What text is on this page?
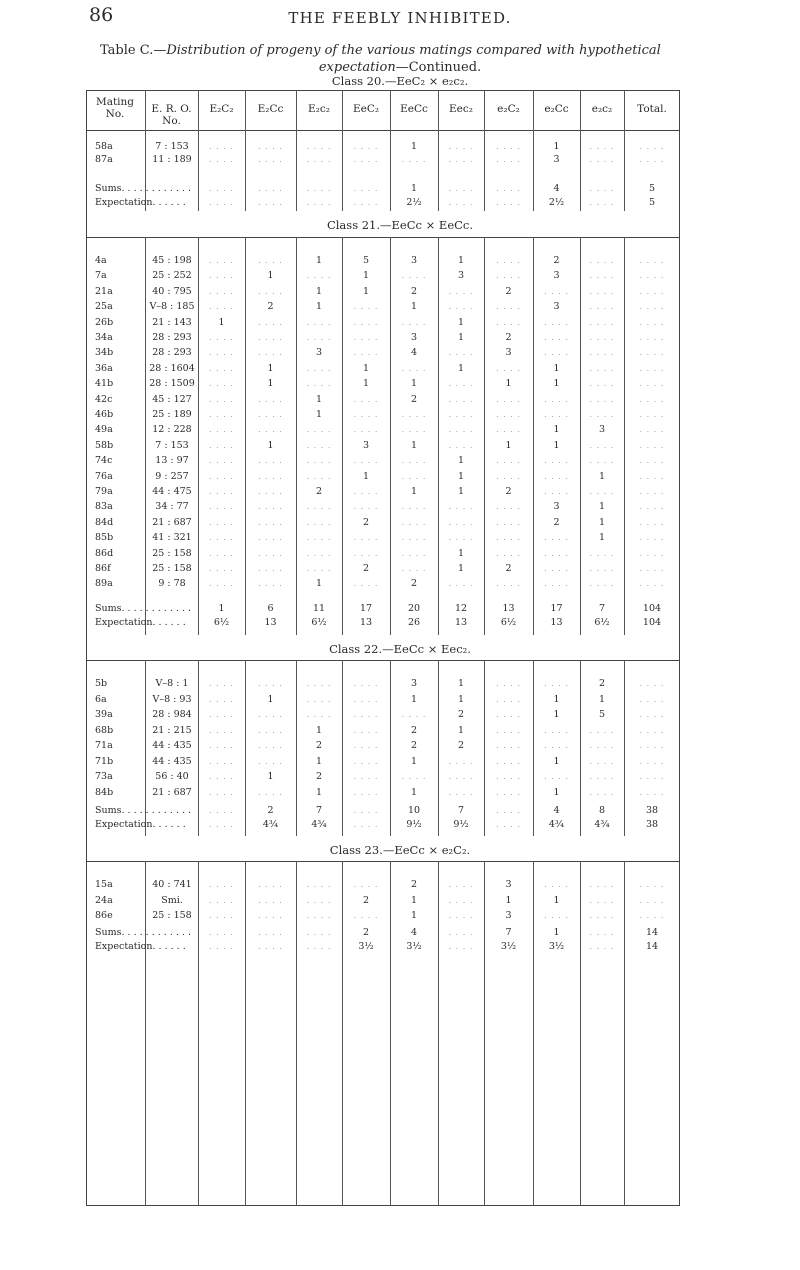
86	THE FEEBLY INHIBITED.
Table C.—Distribution of progeny of the various matings compared with hypothetical
expectation—Continued.
Mating No.	E. R. O. No.
E₂C₂	E₂Cc	E₂c₂	EeC₂	EeCc	Eec₂	e₂C₂	e₂Cc	e₂c₂	Total.
Class 20.—EeC₂ × e₂c₂.
58a	7 : 153	. . . .	. . . .	. . . .	. . . .	1	. . . .	. . . .	1	. . . .	. . . .
87a	11 : 189	. . . .	. . . .	. . . .	. . . .	. . . .	. . . .	. . . .	3	. . . .	. . . .
Sums. . . . . . . . . . . .	. . . .	. . . .	. . . .	. . . .	1	. . . .	. . . .	4	. . . .	5
Expectation. . . . . .	. . . .	. . . .	. . . .	. . . .	2½	. . . .	. . . .	2½	. . . .	5
Class 21.—EeCc × EeCc.
4a	45 : 198	. . . .	. . . .	1	5	3	1	. . . .	2	. . . .	. . . .
7a	25 : 252	. . . .	1	. . . .	1	. . . .	3	. . . .	3	. . . .	. . . .
21a	40 : 795	. . . .	. . . .	1	1	2	. . . .	2	. . . .	. . . .	. . . .
25a	V–8 : 185	. . . .	2	1	. . . .	1	. . . .	. . . .	3	. . . .	. . . .
26b	21 : 143	1	. . . .	. . . .	. . . .	. . . .	1	. . . .	. . . .	. . . .	. . . .
34a	28 : 293	. . . .	. . . .	. . . .	. . . .	3	1	2	. . . .	. . . .	. . . .
34b	28 : 293	. . . .	. . . .	3	. . . .	4	. . . .	3	. . . .	. . . .	. . . .
36a	28 : 1604	. . . .	1	. . . .	1	. . . .	1	. . . .	1	. . . .	. . . .
41b	28 : 1509	. . . .	1	. . . .	1	1	. . . .	1	1	. . . .	. . . .
42c	45 : 127	. . . .	. . . .	1	. . . .	2	. . . .	. . . .	. . . .	. . . .	. . . .
46b	25 : 189	. . . .	. . . .	1	. . . .	. . . .	. . . .	. . . .	. . . .	. . . .	. . . .
49a	12 : 228	. . . .	. . . .	. . . .	. . . .	. . . .	. . . .	. . . .	1	3	. . . .
58b	7 : 153	. . . .	1	. . . .	3	1	. . . .	1	1	. . . .	. . . .
74c	13 : 97	. . . .	. . . .	. . . .	. . . .	. . . .	1	. . . .	. . . .	. . . .	. . . .
76a	9 : 257	. . . .	. . . .	. . . .	1	. . . .	1	. . . .	. . . .	1	. . . .
79a	44 : 475	. . . .	. . . .	2	. . . .	1	1	2	. . . .	. . . .	. . . .
83a	34 : 77	. . . .	. . . .	. . . .	. . . .	. . . .	. . . .	. . . .	3	1	. . . .
84d	21 : 687	. . . .	. . . .	. . . .	2	. . . .	. . . .	. . . .	2	1	. . . .
85b	41 : 321	. . . .	. . . .	. . . .	. . . .	. . . .	. . . .	. . . .	. . . .	1	. . . .
86d	25 : 158	. . . .	. . . .	. . . .	. . . .	. . . .	1	. . . .	. . . .	. . . .	. . . .
86f	25 : 158	. . . .	. . . .	. . . .	2	. . . .	1	2	. . . .	. . . .	. . . .
89a	9 : 78	. . . .	. . . .	1	. . . .	2	. . . .	. . . .	. . . .	. . . .	. . . .
Sums. . . . . . . . . . . .	1	6	11	17	20	12	13	17	7	104
Expectation. . . . . .	6½	13	6½	13	26	13	6½	13	6½	104
Class 22.—EeCc × Eec₂.
5b	V–8 : 1	. . . .	. . . .	. . . .	. . . .	3	1	. . . .	. . . .	2	. . . .
6a	V–8 : 93	. . . .	1	. . . .	. . . .	1	1	. . . .	1	1	. . . .
39a	28 : 984	. . . .	. . . .	. . . .	. . . .	. . . .	2	. . . .	1	5	. . . .
68b	21 : 215	. . . .	. . . .	1	. . . .	2	1	. . . .	. . . .	. . . .	. . . .
71a	44 : 435	. . . .	. . . .	2	. . . .	2	2	. . . .	. . . .	. . . .	. . . .
71b	44 : 435	. . . .	. . . .	1	. . . .	1	. . . .	. . . .	1	. . . .	. . . .
73a	56 : 40	. . . .	1	2	. . . .	. . . .	. . . .	. . . .	. . . .	. . . .	. . . .
84b	21 : 687	. . . .	. . . .	1	. . . .	1	. . . .	. . . .	1	. . . .	. . . .
Sums. . . . . . . . . . . .	. . . .	2	7	. . . .	10	7	. . . .	4	8	38
Expectation. . . . . .	. . . .	4¾	4¾	. . . .	9½	9½	. . . .	4¾	4¾	38
Class 23.—EeCc × e₂C₂.
15a	40 : 741	. . . .	. . . .	. . . .	. . . .	2	. . . .	3	. . . .	. . . .	. . . .
24a	Smi.	. . . .	. . . .	. . . .	2	1	. . . .	1	1	. . . .	. . . .
86e	25 : 158	. . . .	. . . .	. . . .	. . . .	1	. . . .	3	. . . .	. . . .	. . . .
Sums. . . . . . . . . . . .	. . . .	. . . .	. . . .	2	4	. . . .	7	1	. . . .	14
Expectation. . . . . .	. . . .	. . . .	. . . .	3½	3½	. . . .	3½	3½	. . . .	14
